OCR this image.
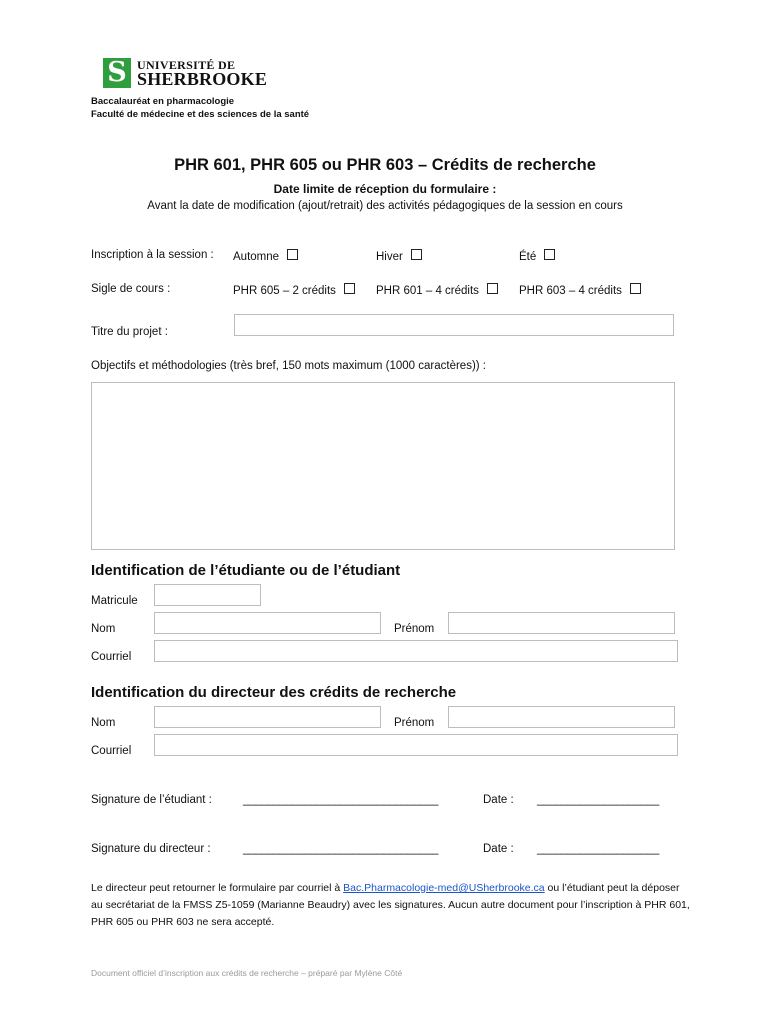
S UNIVERSITÉ DE
SHERBROOKE
Baccalauréat en pharmacologie
Faculté de médecine et des sciences de la santé
PHR 601, PHR 605 ou PHR 603 – Crédits de recherche
Date limite de réception du formulaire :
Avant la date de modification (ajout/retrait) des activités pédagogiques de la session en cours
Inscription à la session : Automne	Hiver	Été
Sigle de cours :	PHR 605 – 2 crédits	PHR 601 – 4 crédits	PHR 603 – 4 crédits
Titre du projet :
Objectifs et méthodologies (très bref, 150 mots maximum (1000 caractères)) :
Identification de l’étudiante ou de l’étudiant
Matricule
Nom	Prénom
Courriel
Identification du directeur des crédits de recherche
Nom	Prénom
Courriel
Signature de l’étudiant :	________________________________	Date : ____________________
Signature du directeur :	________________________________	Date : ____________________
Le directeur peut retourner le formulaire par courriel à Bac.Pharmacologie-med@USherbrooke.ca ou l’étudiant peut la déposer au secrétariat de la FMSS Z5-1059 (Marianne Beaudry) avec les signatures. Aucun autre document pour l’inscription à PHR 601, PHR 605 ou PHR 603 ne sera accepté.
Document officiel d’inscription aux crédits de recherche – préparé par Mylène Côté
